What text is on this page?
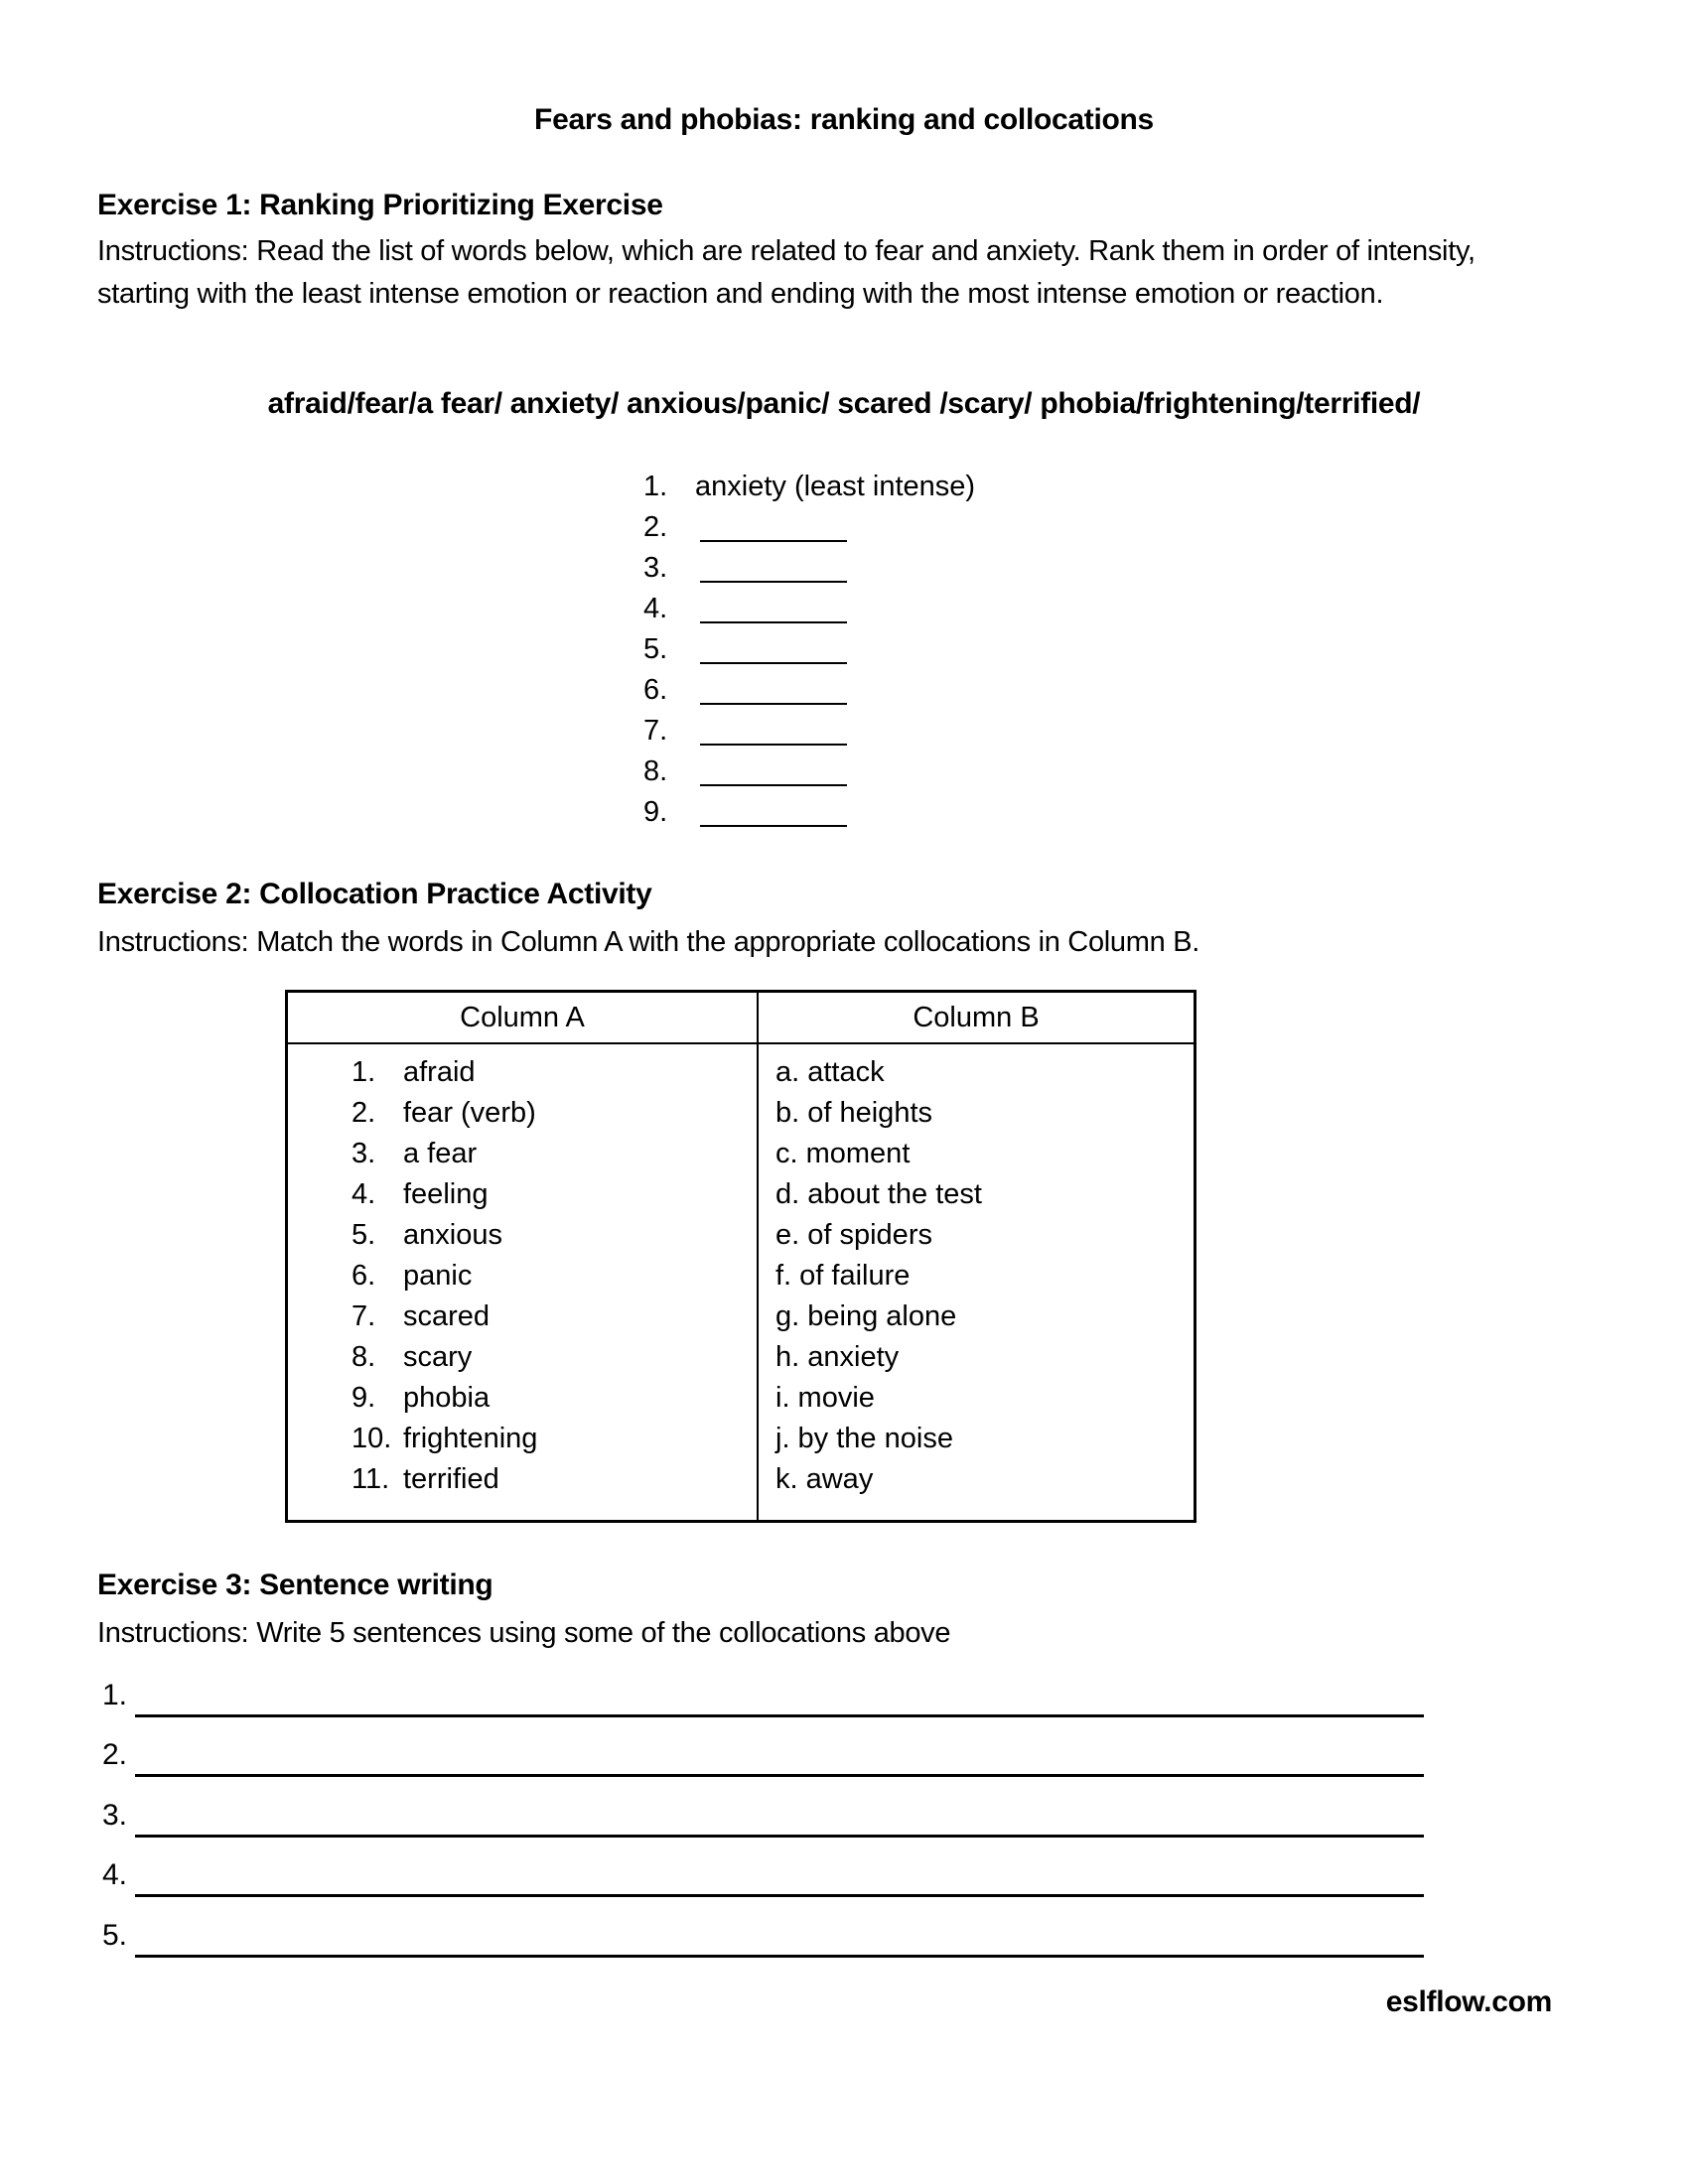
Fears and phobias: ranking and collocations
Exercise 1: Ranking Prioritizing Exercise
Instructions: Read the list of words below, which are related to fear and anxiety. Rank them in order of intensity, starting with the least intense emotion or reaction and ending with the most intense emotion or reaction.
afraid/fear/a fear/ anxiety/ anxious/panic/ scared /scary/ phobia/frightening/terrified/
1. anxiety (least intense)
2.
3.
4.
5.
6.
7.
8.
9.
Exercise 2: Collocation Practice Activity
Instructions: Match the words in Column A with the appropriate collocations in Column B.
Column A	Column B
1. afraid
2. fear (verb)
3. a fear
4. feeling
5. anxious
6. panic
7. scared
8. scary
9. phobia
10. frightening
11. terrified
a. attack
b. of heights
c. moment
d. about the test
e. of spiders
f. of failure
g. being alone
h. anxiety
i. movie
j. by the noise
k. away
Exercise 3: Sentence writing
Instructions: Write 5 sentences using some of the collocations above
1.
2.
3.
4.
5.
eslflow.com
